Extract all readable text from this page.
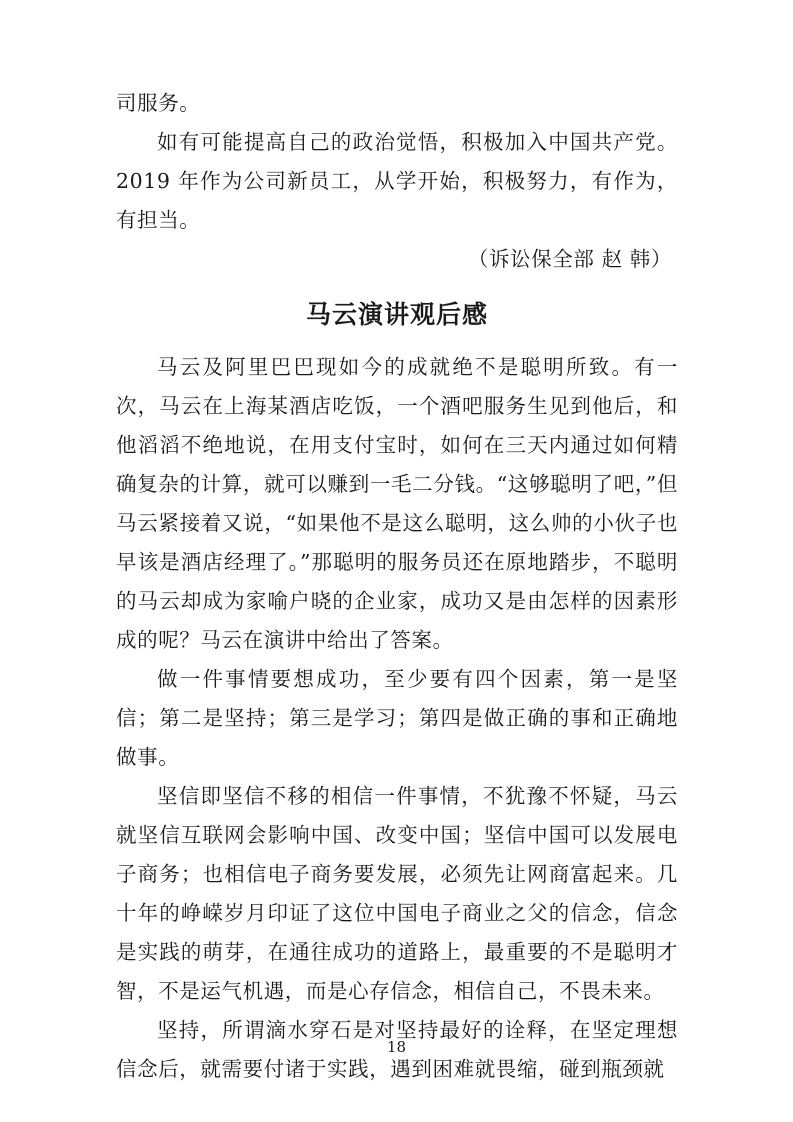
司服务。

如有可能提高自己的政治觉悟，积极加入中国共产党。2019 年作为公司新员工，从学开始，积极努力，有作为，有担当。

（诉讼保全部 赵 韩）

马云演讲观后感

马云及阿里巴巴现如今的成就绝不是聪明所致。有一次，马云在上海某酒店吃饭，一个酒吧服务生见到他后，和他滔滔不绝地说，在用支付宝时，如何在三天内通过如何精确复杂的计算，就可以赚到一毛二分钱。“这够聪明了吧，”但马云紧接着又说，“如果他不是这么聪明，这么帅的小伙子也早该是酒店经理了。”那聪明的服务员还在原地踏步，不聪明的马云却成为家喻户晓的企业家，成功又是由怎样的因素形成的呢？马云在演讲中给出了答案。

做一件事情要想成功，至少要有四个因素，第一是坚信；第二是坚持；第三是学习；第四是做正确的事和正确地做事。

坚信即坚信不移的相信一件事情，不犹豫不怀疑，马云就坚信互联网会影响中国、改变中国；坚信中国可以发展电子商务；也相信电子商务要发展，必须先让网商富起来。几十年的峥嵘岁月印证了这位中国电子商业之父的信念，信念是实践的萌芽，在通往成功的道路上，最重要的不是聪明才智，不是运气机遇，而是心存信念，相信自己，不畏未来。

坚持，所谓滴水穿石是对坚持最好的诠释，在坚定理想信念后，就需要付诸于实践，遇到困难就畏缩，碰到瓶颈就

18
